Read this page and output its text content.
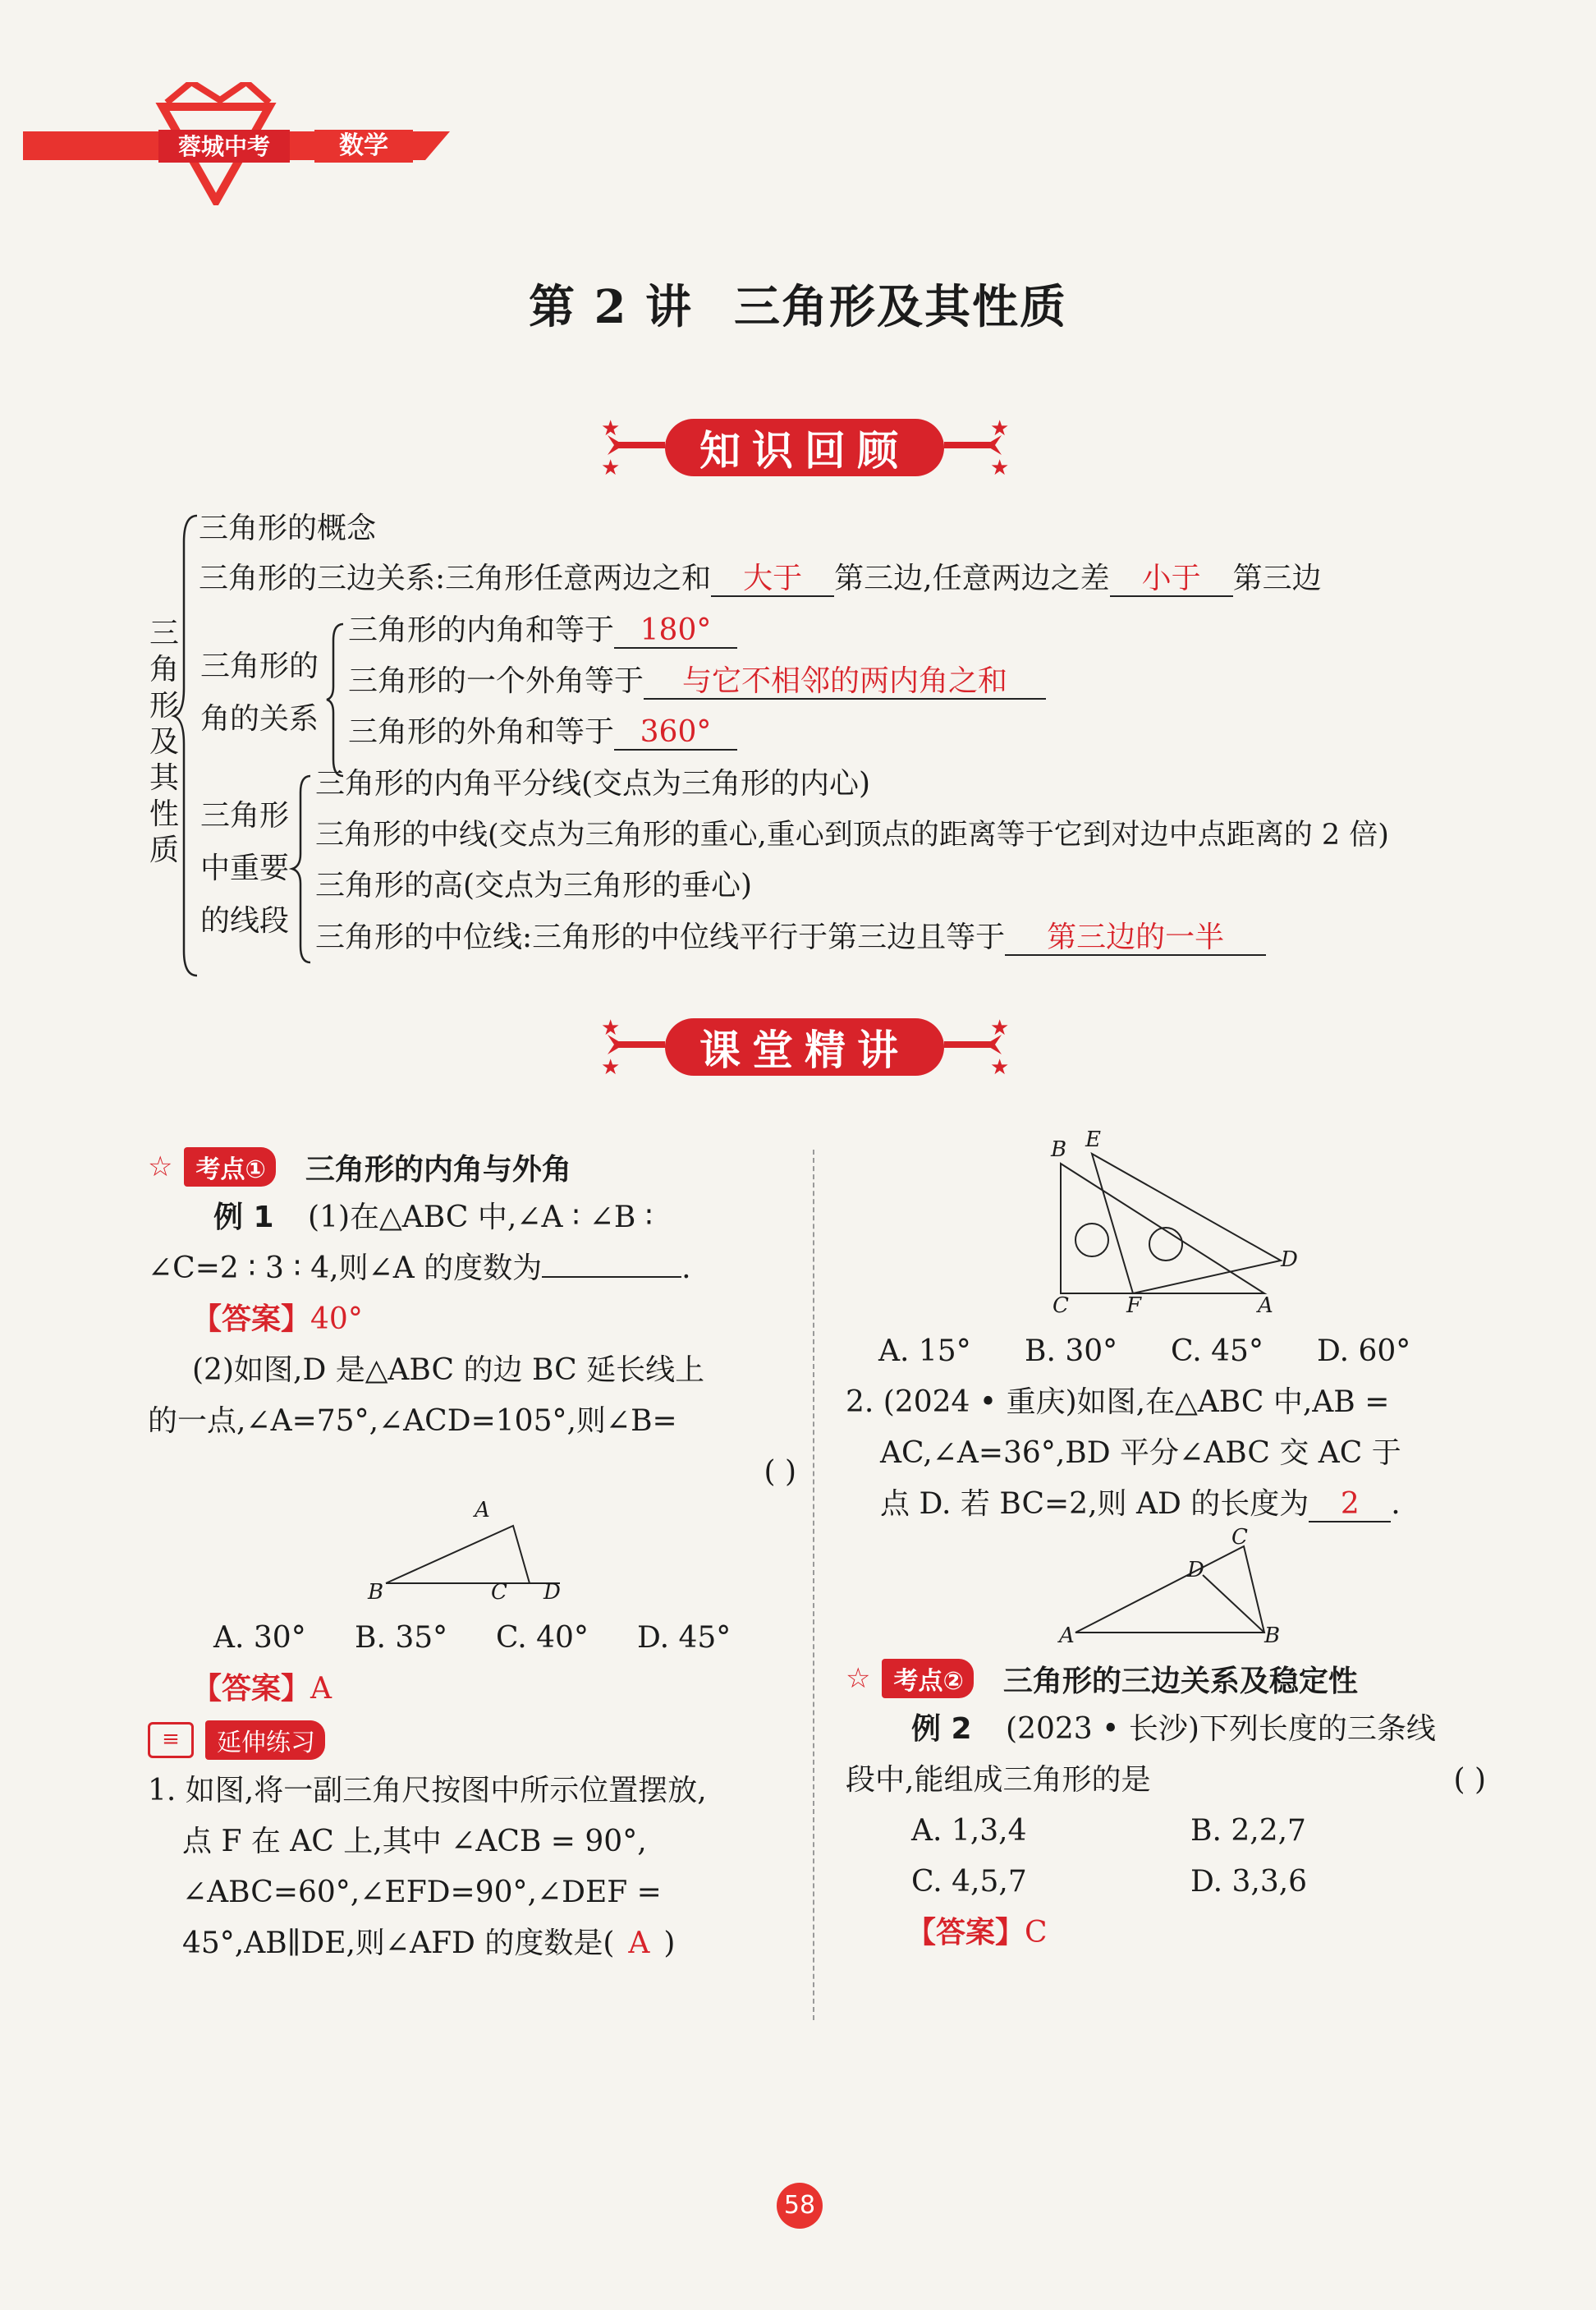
蓉城中考	数学
第 2 讲 三角形及其性质
★	★
★	★
知识回顾
三角形及其性质
三角形的概念
三角形的三边关系:三角形任意两边之和 大于 第三边,任意两边之差 小于 第三边
三角形的
角的关系
三角形的内角和等于 180°
三角形的一个外角等于 与它不相邻的两内角之和
三角形的外角和等于 360°
三角形
中重要
的线段
三角形的内角平分线(交点为三角形的内心)
三角形的中线(交点为三角形的重心,重心到顶点的距离等于它到对边中点距离的 2 倍)
三角形的高(交点为三角形的垂心)
三角形的中位线:三角形的中位线平行于第三边且等于 第三边的一半
★	★
★	★
课堂精讲
☆ 考点①	三角形的内角与外角
例 1 (1)在△ABC 中,∠A ∶ ∠B ∶
∠C=2 ∶ 3 ∶ 4,则∠A 的度数为	.
【答案】40°
(2)如图,D 是△ABC 的边 BC 延长线上
的一点,∠A=75°,∠ACD=105°,则∠B=
( )
A
B	C D
A. 30° B. 35° C. 40° D. 45°
【答案】A
≡	延伸练习
1. 如图,将一副三角尺按图中所示位置摆放,
点 F 在 AC 上,其中 ∠ACB = 90°,
∠ABC=60°,∠EFD=90°,∠DEF =
45°,AB∥DE,则∠AFD 的度数是( A )
B E
D
C	F	A
A. 15° B. 30° C. 45° D. 60°
2. (2024 • 重庆)如图,在△ABC 中,AB =
AC,∠A=36°,BD 平分∠ABC 交 AC 于
点 D. 若 BC=2,则 AD 的长度为 2 .
C
D
A	B
☆ 考点②	三角形的三边关系及稳定性
例 2 (2023 • 长沙)下列长度的三条线
段中,能组成三角形的是	( )
A. 1,3,4	B. 2,2,7
C. 4,5,7	D. 3,3,6
【答案】C
58
